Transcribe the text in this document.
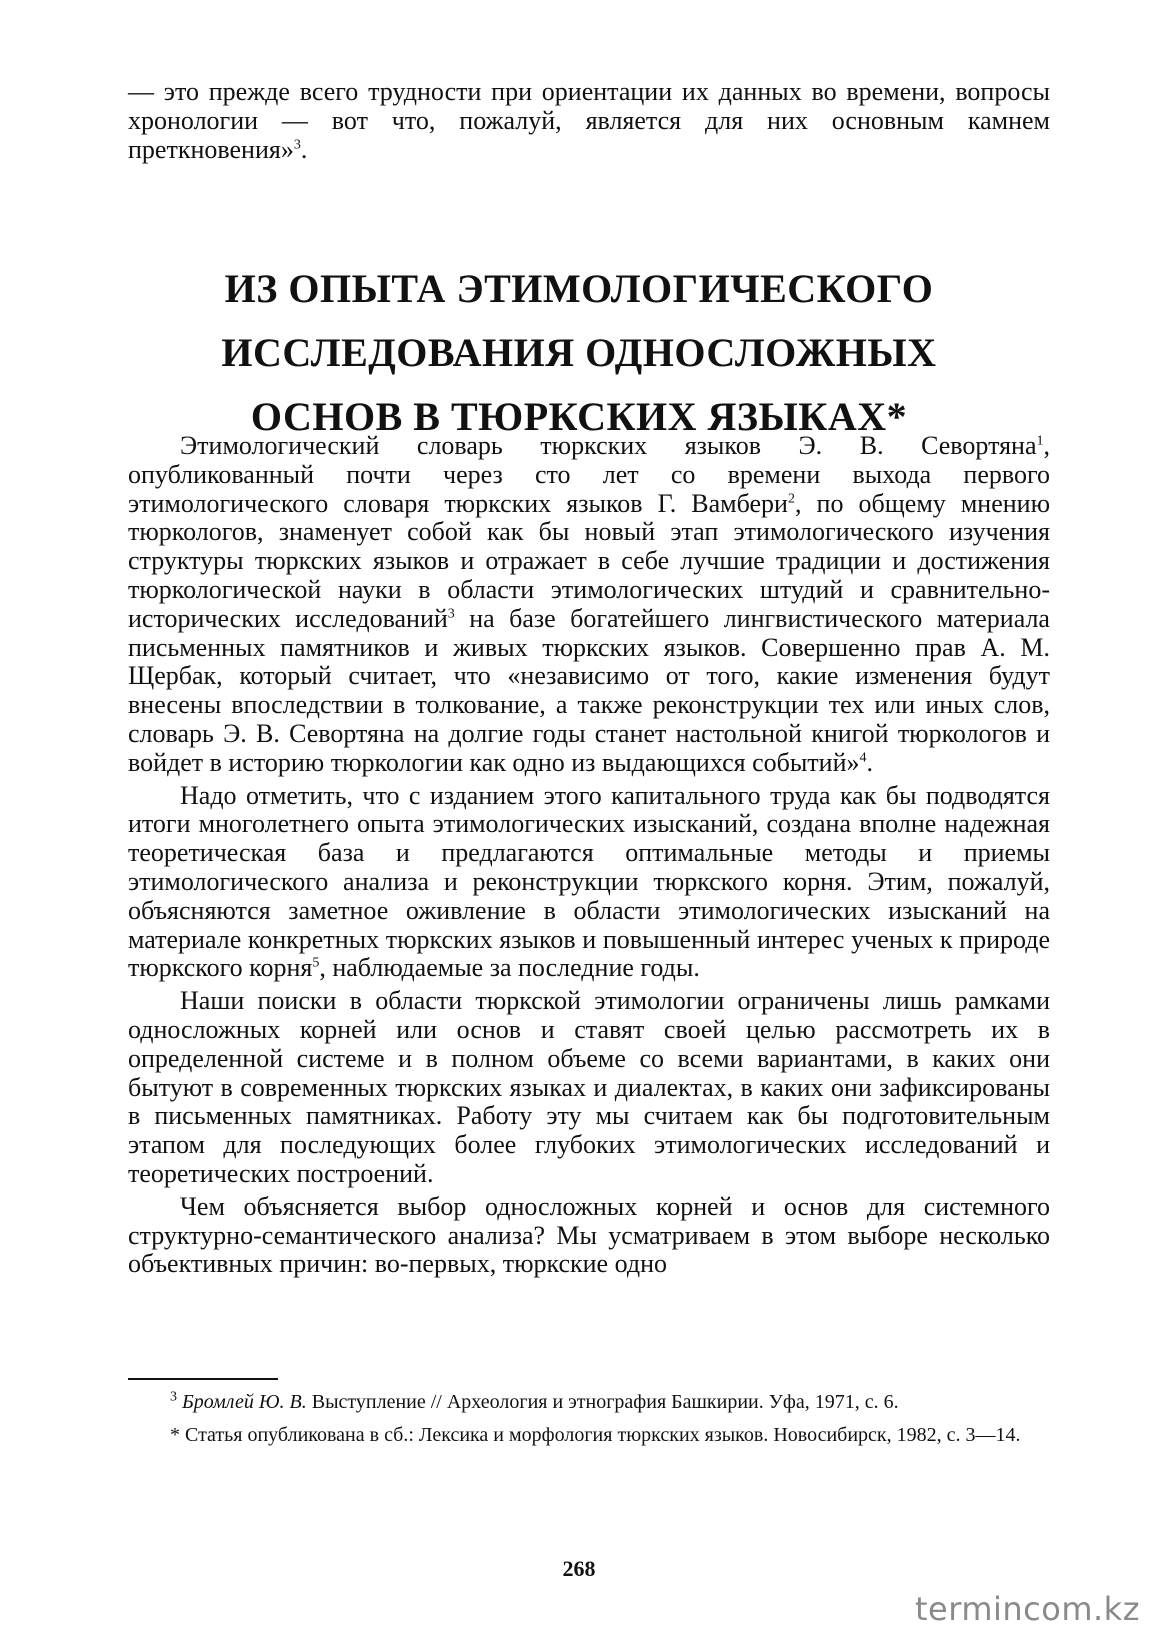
— это прежде всего трудности при ориентации их данных во времени, вопросы хронологии — вот что, пожалуй, является для них основным камнем преткновения»$^3$.

ИЗ ОПЫТА ЭТИМОЛОГИЧЕСКОГО
ИССЛЕДОВАНИЯ ОДНОСЛОЖНЫХ
ОСНОВ В ТЮРКСКИХ ЯЗЫКАХ*

Этимологический словарь тюркских языков Э. В. Севортяна$^1$, опубликованный почти через сто лет со времени выхода первого этимологического словаря тюркских языков Г. Вамбери$^2$, по общему мнению тюркологов, знаменует собой как бы новый этап этимологического изучения структуры тюркских языков и отражает в себе лучшие традиции и достижения тюркологической науки в области этимологических штудий и сравнительно-исторических исследований$^3$ на базе богатейшего лингвистического материала письменных памятников и живых тюркских языков. Совершенно прав А. М. Щербак, который считает, что «независимо от того, какие изменения будут внесены впоследствии в толкование, а также реконструкции тех или иных слов, словарь Э. В. Севортяна на долгие годы станет настольной книгой тюркологов и войдет в историю тюркологии как одно из выдающихся событий»$^4$.

Надо отметить, что с изданием этого капитального труда как бы подводятся итоги многолетнего опыта этимологических изысканий, создана вполне надежная теоретическая база и предлагаются оптимальные методы и приемы этимологического анализа и реконструкции тюркского корня. Этим, пожалуй, объясняются заметное оживление в области этимологических изысканий на материале конкретных тюркских языков и повышенный интерес ученых к природе тюркского корня$^5$, наблюдаемые за последние годы.

Наши поиски в области тюркской этимологии ограничены лишь рамками односложных корней или основ и ставят своей целью рассмотреть их в определенной системе и в полном объеме со всеми вариантами, в каких они бытуют в современных тюркских языках и диалектах, в каких они зафиксированы в письменных памятниках. Работу эту мы считаем как бы подготовительным этапом для последующих более глубоких этимологических исследований и теоретических построений.

Чем объясняется выбор односложных корней и основ для системного структурно-семантического анализа? Мы усматриваем в этом выборе несколько объективных причин: во-первых, тюркские одно

$^3$ Бромлей Ю. В. Выступление // Археология и этнография Башкирии. Уфа, 1971, с. 6.

* Статья опубликована в сб.: Лексика и морфология тюркских языков. Новосибирск, 1982, с. 3—14.

268
termincom.kz
